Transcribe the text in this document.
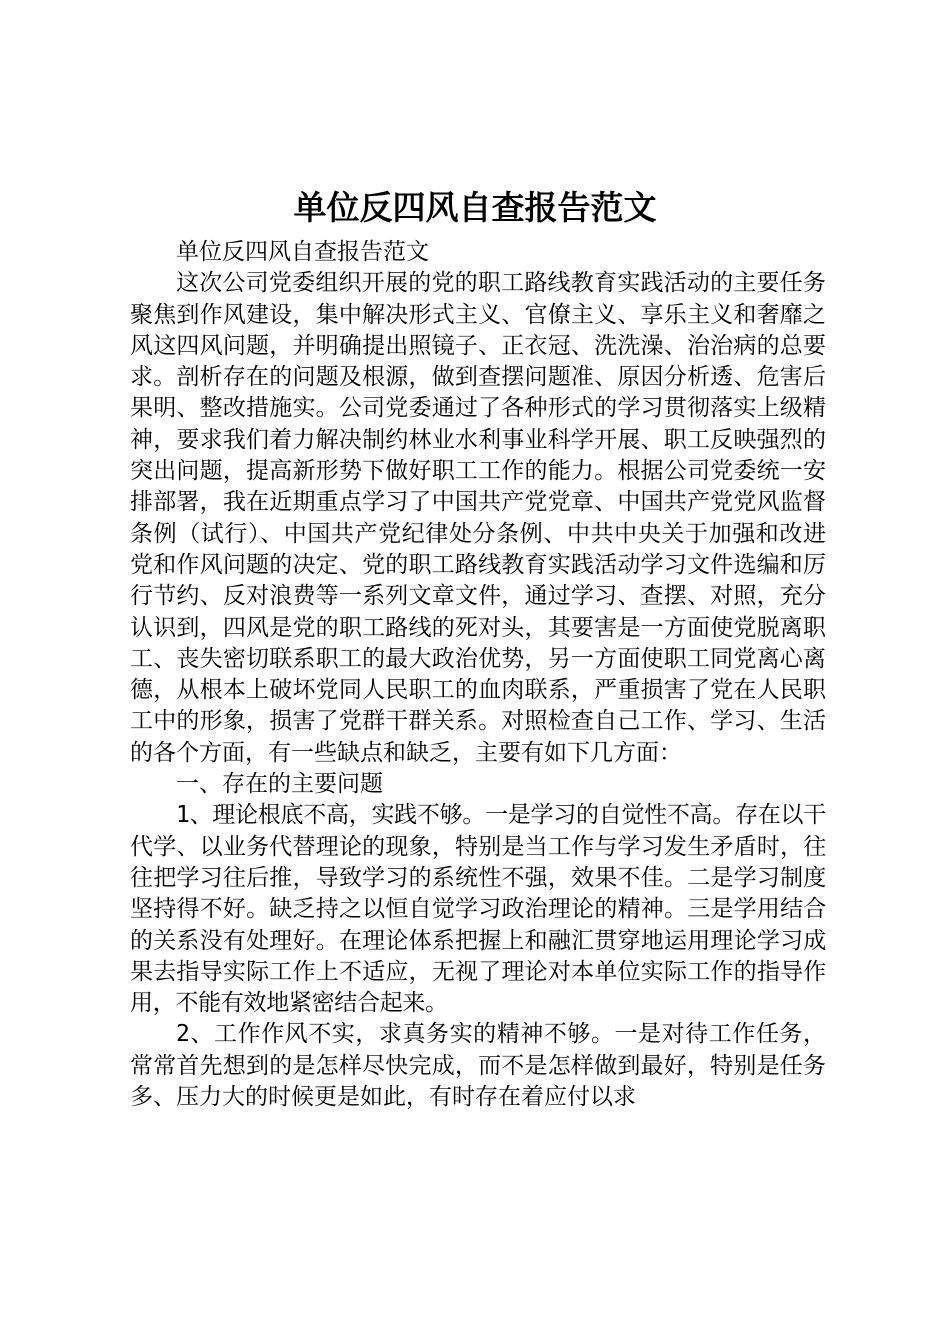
单位反四风自查报告范文

单位反四风自查报告范文

这次公司党委组织开展的党的职工路线教育实践活动的主要任务聚焦到作风建设，集中解决形式主义、官僚主义、享乐主义和奢靡之风这四风问题，并明确提出照镜子、正衣冠、洗洗澡、治治病的总要求。剖析存在的问题及根源，做到查摆问题准、原因分析透、危害后果明、整改措施实。公司党委通过了各种形式的学习贯彻落实上级精神，要求我们着力解决制约林业水利事业科学开展、职工反映强烈的突出问题，提高新形势下做好职工工作的能力。根据公司党委统一安排部署，我在近期重点学习了中国共产党党章、中国共产党党风监督条例（试行）、中国共产党纪律处分条例、中共中央关于加强和改进党和作风问题的决定、党的职工路线教育实践活动学习文件选编和厉行节约、反对浪费等一系列文章文件，通过学习、查摆、对照，充分认识到，四风是党的职工路线的死对头，其要害是一方面使党脱离职工、丧失密切联系职工的最大政治优势，另一方面使职工同党离心离德，从根本上破坏党同人民职工的血肉联系，严重损害了党在人民职工中的形象，损害了党群干群关系。对照检查自己工作、学习、生活的各个方面，有一些缺点和缺乏，主要有如下几方面：

一、存在的主要问题

1、理论根底不高，实践不够。一是学习的自觉性不高。存在以干代学、以业务代替理论的现象，特别是当工作与学习发生矛盾时，往往把学习往后推，导致学习的系统性不强，效果不佳。二是学习制度坚持得不好。缺乏持之以恒自觉学习政治理论的精神。三是学用结合的关系没有处理好。在理论体系把握上和融汇贯穿地运用理论学习成果去指导实际工作上不适应，无视了理论对本单位实际工作的指导作用，不能有效地紧密结合起来。

2、工作作风不实，求真务实的精神不够。一是对待工作任务，常常首先想到的是怎样尽快完成，而不是怎样做到最好，特别是任务多、压力大的时候更是如此，有时存在着应付以求
